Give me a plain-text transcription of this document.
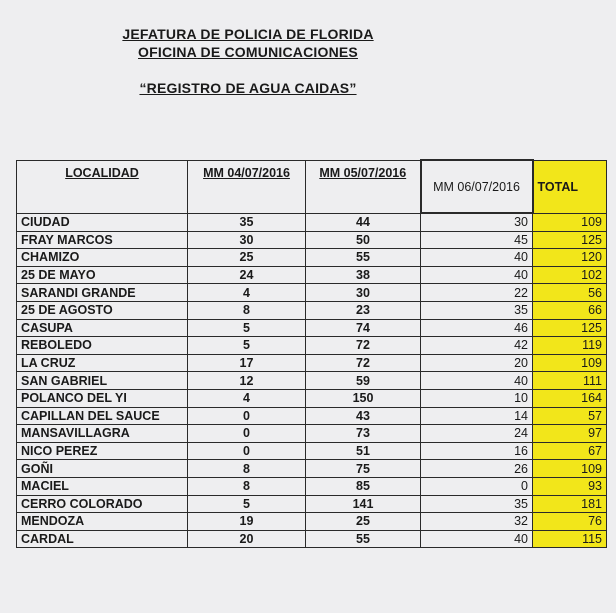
JEFATURA DE POLICIA DE FLORIDA
OFICINA DE COMUNICACIONES
“REGISTRO DE AGUA CAIDAS”
LOCALIDAD	MM 04/07/2016	MM 05/07/2016	MM 06/07/2016	TOTAL
CIUDAD	35	44	30	109
FRAY MARCOS	30	50	45	125
CHAMIZO	25	55	40	120
25 DE MAYO	24	38	40	102
SARANDI GRANDE	4	30	22	56
25 DE AGOSTO	8	23	35	66
CASUPA	5	74	46	125
REBOLEDO	5	72	42	119
LA CRUZ	17	72	20	109
SAN GABRIEL	12	59	40	111
POLANCO DEL YI	4	150	10	164
CAPILLAN DEL SAUCE	0	43	14	57
MANSAVILLAGRA	0	73	24	97
NICO PEREZ	0	51	16	67
GOÑI	8	75	26	109
MACIEL	8	85	0	93
CERRO COLORADO	5	141	35	181
MENDOZA	19	25	32	76
CARDAL	20	55	40	115
